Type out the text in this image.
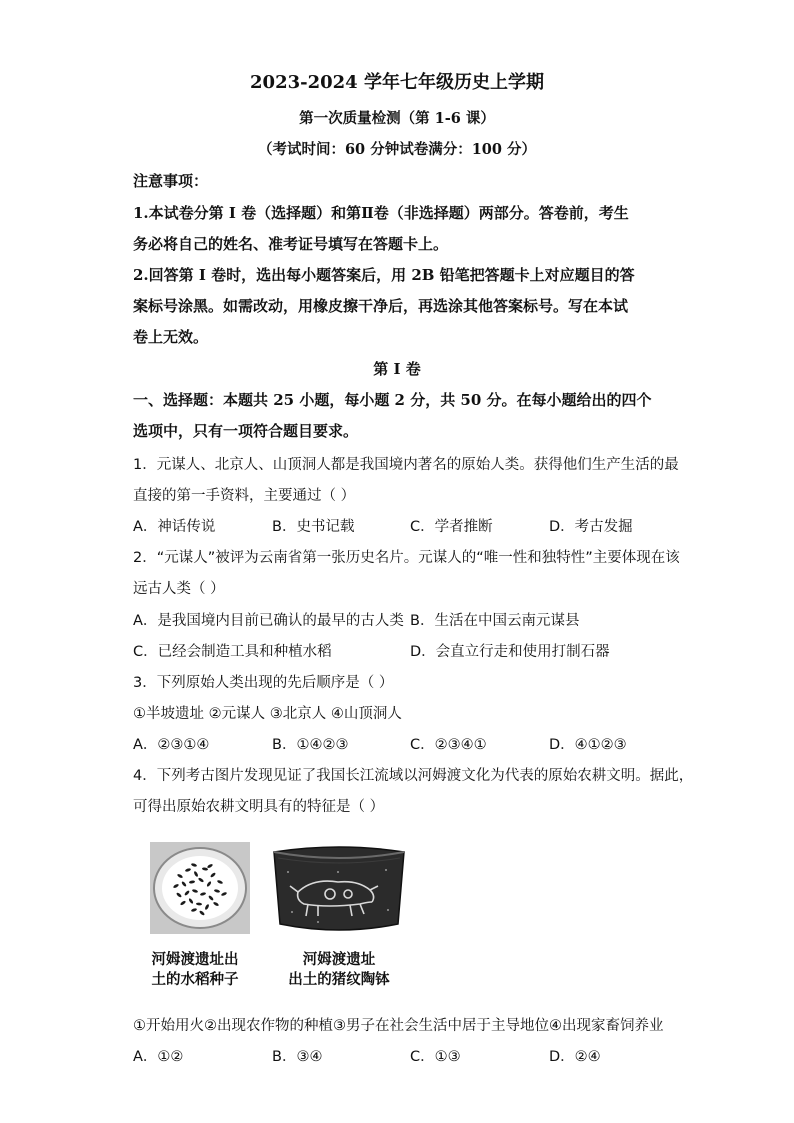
2023-2024 学年七年级历史上学期
第一次质量检测（第 1-6 课）
（考试时间：60 分钟试卷满分：100 分）
注意事项：
1.本试卷分第 Ⅰ 卷（选择题）和第Ⅱ卷（非选择题）两部分。答卷前，考生
务必将自己的姓名、准考证号填写在答题卡上。
2.回答第 Ⅰ 卷时，选出每小题答案后，用 2B 铅笔把答题卡上对应题目的答
案标号涂黑。如需改动，用橡皮擦干净后，再选涂其他答案标号。写在本试
卷上无效。
第 Ⅰ 卷
一、选择题：本题共 25 小题，每小题 2 分，共 50 分。在每小题给出的四个
选项中，只有一项符合题目要求。
1．元谋人、北京人、山顶洞人都是我国境内著名的原始人类。获得他们生产生活的最
直接的第一手资料，主要通过（ ）
A．神话传说	B．史书记载	C．学者推断	D．考古发掘
2．“元谋人”被评为云南省第一张历史名片。元谋人的“唯一性和独特性”主要体现在该
远古人类（ ）
A．是我国境内目前已确认的最早的古人类 B．生活在中国云南元谋县
C．已经会制造工具和种植水稻	D．会直立行走和使用打制石器
3．下列原始人类出现的先后顺序是（ ）
①半坡遗址 ②元谋人 ③北京人 ④山顶洞人
A．②③①④	B．①④②③	C．②③④①	D．④①②③
4．下列考古图片发现见证了我国长江流域以河姆渡文化为代表的原始农耕文明。据此，
可得出原始农耕文明具有的特征是（ ）
河姆渡遗址出
土的水稻种子
河姆渡遗址
出土的猪纹陶钵
①开始用火②出现农作物的种植③男子在社会生活中居于主导地位④出现家畜饲养业
A．①②	B．③④	C．①③	D．②④
